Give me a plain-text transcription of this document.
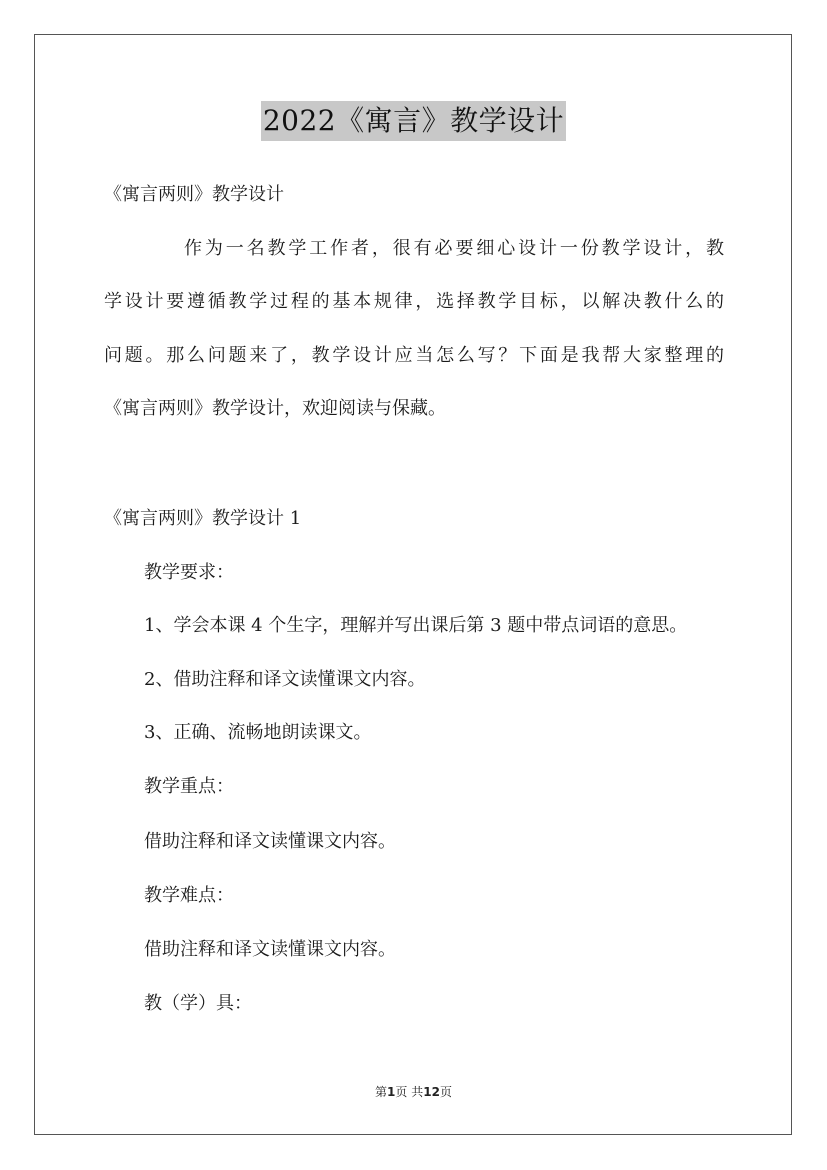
2022《寓言》教学设计
《寓言两则》教学设计
作为一名教学工作者，很有必要细心设计一份教学设计，教
学设计要遵循教学过程的基本规律，选择教学目标，以解决教什么的
问题。那么问题来了，教学设计应当怎么写？下面是我帮大家整理的
《寓言两则》教学设计，欢迎阅读与保藏。
《寓言两则》教学设计 1
教学要求：
1、学会本课 4 个生字，理解并写出课后第 3 题中带点词语的意思。
2、借助注释和译文读懂课文内容。
3、正确、流畅地朗读课文。
教学重点：
借助注释和译文读懂课文内容。
教学难点：
借助注释和译文读懂课文内容。
教（学）具：
第1页 共12页
